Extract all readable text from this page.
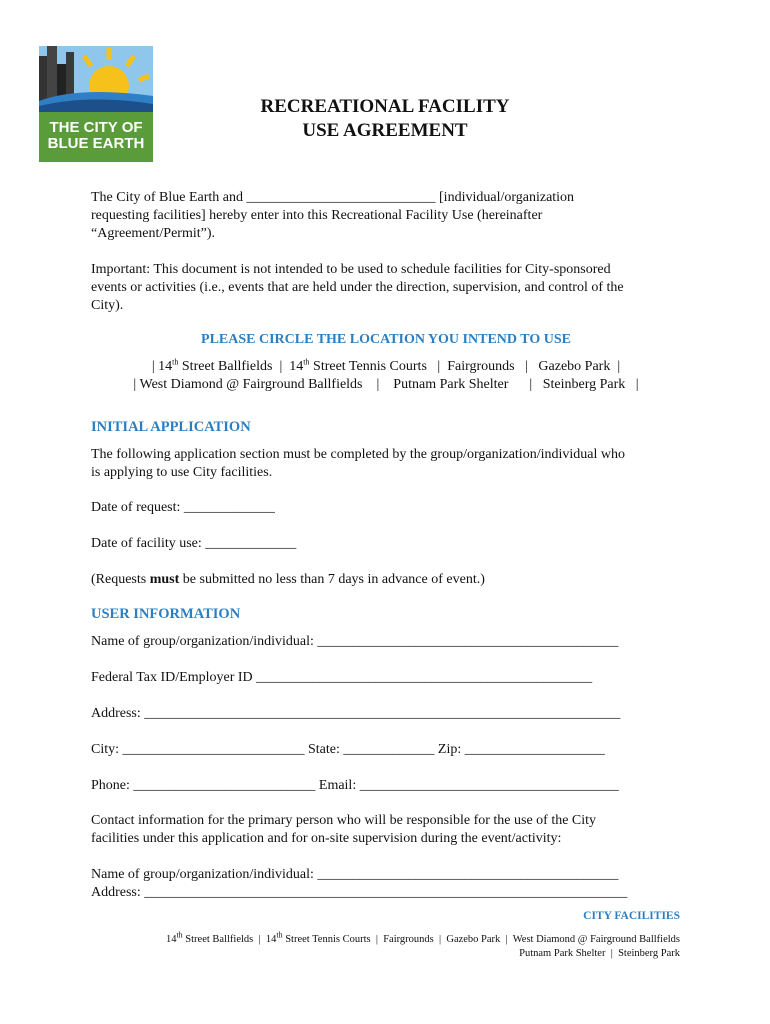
THE CITY OF
BLUE EARTH
RECREATIONAL FACILITY
USE AGREEMENT
The City of Blue Earth and ___________________________ [individual/organization
requesting facilities] hereby enter into this Recreational Facility Use (hereinafter
“Agreement/Permit”).
Important: This document is not intended to be used to schedule facilities for City-sponsored
events or activities (i.e., events that are held under the direction, supervision, and control of the
City).
PLEASE CIRCLE THE LOCATION YOU INTEND TO USE
| 14th Street Ballfields  |  14th Street Tennis Courts   |  Fairgrounds   |   Gazebo Park  |
| West Diamond @ Fairground Ballfields    |    Putnam Park Shelter      |   Steinberg Park   |
INITIAL APPLICATION
The following application section must be completed by the group/organization/individual who
is applying to use City facilities.
Date of request: _____________
Date of facility use: _____________
(Requests must be submitted no less than 7 days in advance of event.)
USER INFORMATION
Name of group/organization/individual: ___________________________________________
Federal Tax ID/Employer ID ________________________________________________
Address: ____________________________________________________________________
City: __________________________ State: _____________ Zip: ____________________
Phone: __________________________ Email: _____________________________________
Contact information for the primary person who will be responsible for the use of the City
facilities under this application and for on-site supervision during the event/activity:
Name of group/organization/individual: ___________________________________________
Address: _____________________________________________________________________
CITY FACILITIES
14th Street Ballfields  |  14th Street Tennis Courts  |  Fairgrounds  |  Gazebo Park  |  West Diamond @ Fairground Ballfields
Putnam Park Shelter  |  Steinberg Park
